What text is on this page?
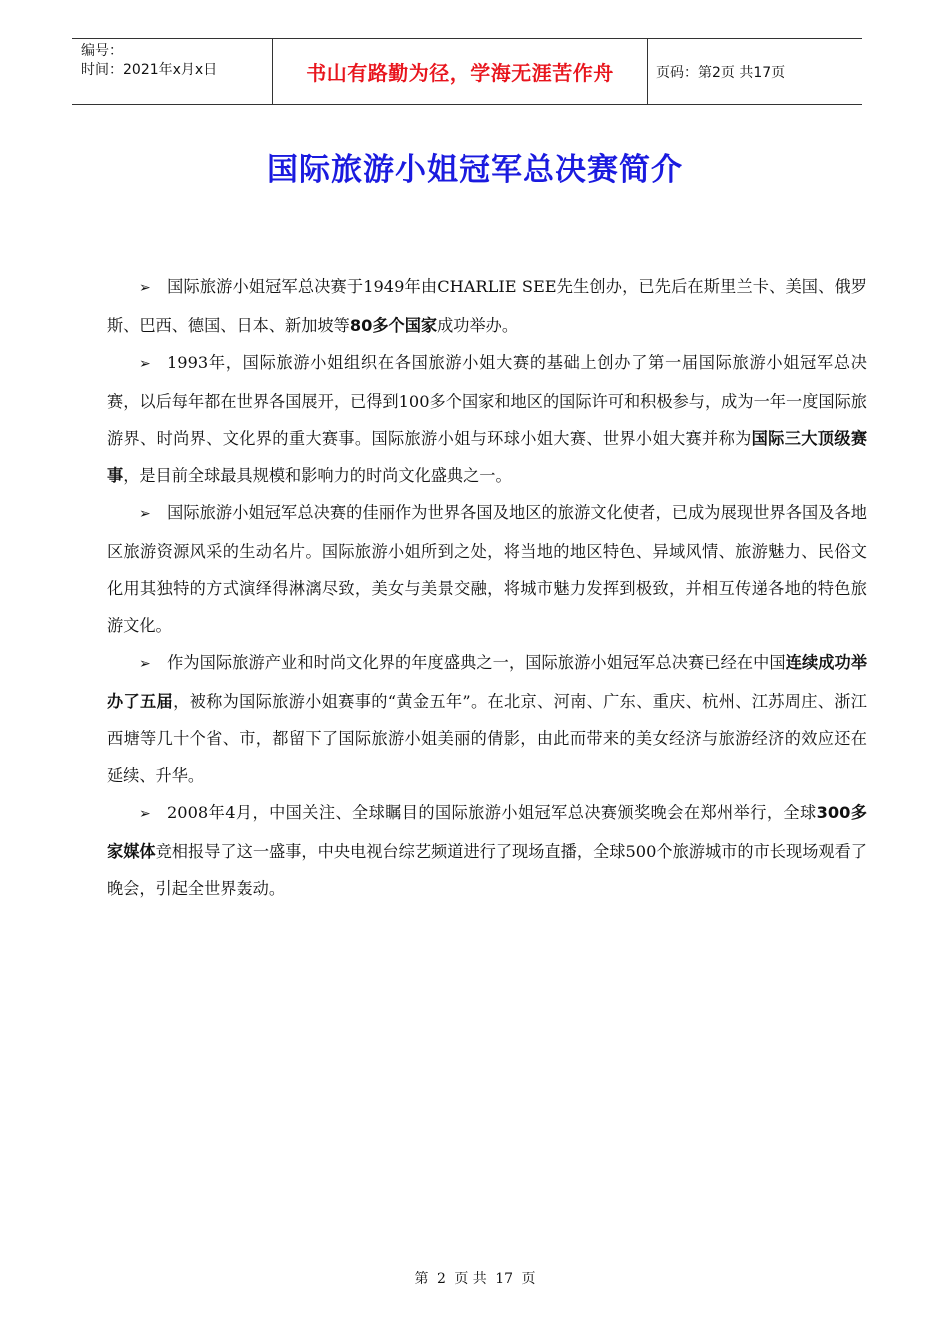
编号：
时间：2021年x月x日	书山有路勤为径，学海无涯苦作舟	页码：第2页 共17页
国际旅游小姐冠军总决赛简介

➢ 国际旅游小姐冠军总决赛于1949年由CHARLIE SEE先生创办，已先后在斯里兰卡、美国、俄罗斯、巴西、德国、日本、新加坡等80多个国家成功举办。

➢ 1993年，国际旅游小姐组织在各国旅游小姐大赛的基础上创办了第一届国际旅游小姐冠军总决赛，以后每年都在世界各国展开，已得到100多个国家和地区的国际许可和积极参与，成为一年一度国际旅游界、时尚界、文化界的重大赛事。国际旅游小姐与环球小姐大赛、世界小姐大赛并称为国际三大顶级赛事，是目前全球最具规模和影响力的时尚文化盛典之一。

➢ 国际旅游小姐冠军总决赛的佳丽作为世界各国及地区的旅游文化使者，已成为展现世界各国及各地区旅游资源风采的生动名片。国际旅游小姐所到之处，将当地的地区特色、异域风情、旅游魅力、民俗文化用其独特的方式演绎得淋漓尽致，美女与美景交融，将城市魅力发挥到极致，并相互传递各地的特色旅游文化。

➢ 作为国际旅游产业和时尚文化界的年度盛典之一，国际旅游小姐冠军总决赛已经在中国连续成功举办了五届，被称为国际旅游小姐赛事的“黄金五年”。在北京、河南、广东、重庆、杭州、江苏周庄、浙江西塘等几十个省、市，都留下了国际旅游小姐美丽的倩影，由此而带来的美女经济与旅游经济的效应还在延续、升华。

➢ 2008年4月，中国关注、全球瞩目的国际旅游小姐冠军总决赛颁奖晚会在郑州举行，全球300多家媒体竞相报导了这一盛事，中央电视台综艺频道进行了现场直播，全球500个旅游城市的市长现场观看了晚会，引起全世界轰动。

第 2 页 共 17 页
